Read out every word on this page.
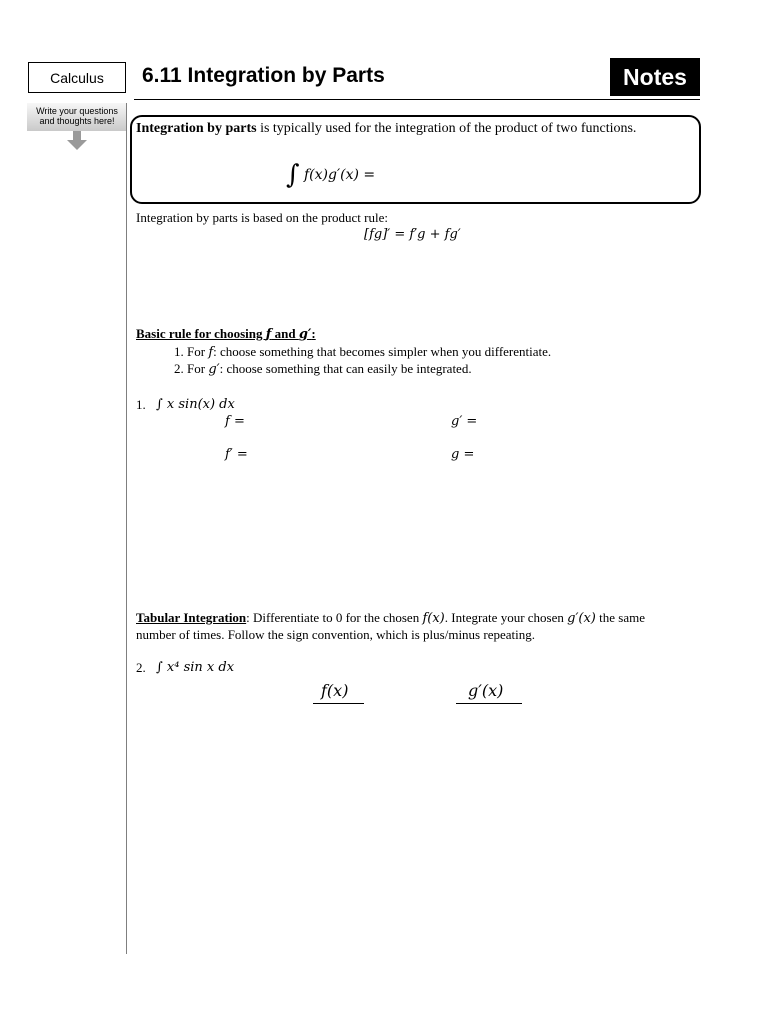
Calculus	6.11 Integration by Parts	Notes
Write your questions
and thoughts here!	Integration by parts is typically used for the integration of the product of two functions.
∫ f(x)g′(x) =
Integration by parts is based on the product rule:
[fg]′ = f′g + fg′
Basic rule for choosing f and g′:
1. For f: choose something that becomes simpler when you differentiate.
2. For g′: choose something that can easily be integrated.
1. ∫ x sin(x) dx
f =	g′ =
f′ =	g =
Tabular Integration: Differentiate to 0 for the chosen f(x). Integrate your chosen g′(x) the same
number of times. Follow the sign convention, which is plus/minus repeating.
2. ∫ x⁴ sin x dx
f(x)	g′(x)
